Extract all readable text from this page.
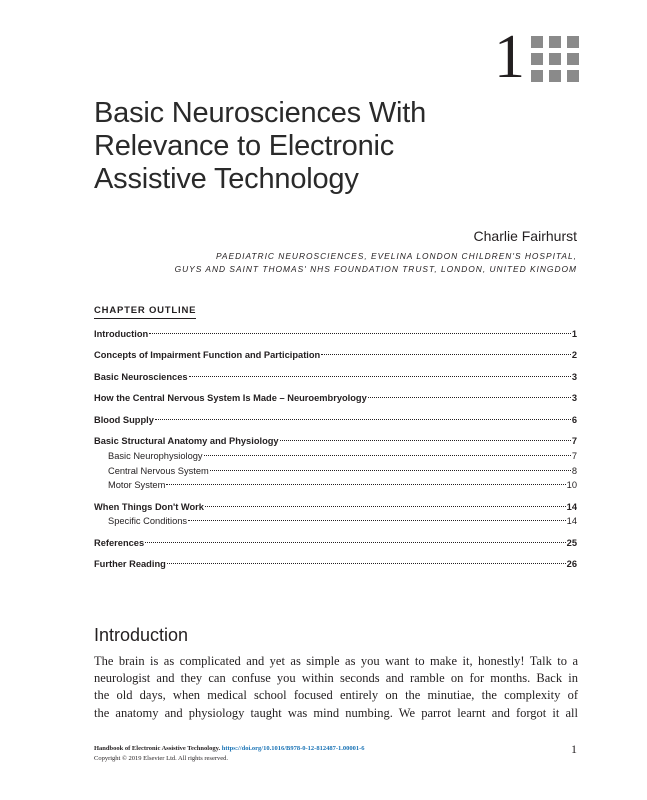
1
Basic Neurosciences With
Relevance to Electronic
Assistive Technology
Charlie Fairhurst
PAEDIATRIC NEUROSCIENCES, EVELINA LONDON CHILDREN'S HOSPITAL,
GUYS AND SAINT THOMAS' NHS FOUNDATION TRUST, LONDON, UNITED KINGDOM
CHAPTER OUTLINE
Introduction	1
Concepts of Impairment Function and Participation	2
Basic Neurosciences	3
How the Central Nervous System Is Made – Neuroembryology	3
Blood Supply	6
Basic Structural Anatomy and Physiology	7
Basic Neurophysiology	7
Central Nervous System	8
Motor System	10
When Things Don't Work	14
Specific Conditions	14
References	25
Further Reading	26
Introduction
The brain is as complicated and yet as simple as you want to make it, honestly! Talk to a
neurologist and they can confuse you within seconds and ramble on for months. Back in
the old days, when medical school focused entirely on the minutiae, the complexity of
the anatomy and physiology taught was mind numbing. We parrot learnt and forgot it all
Handbook of Electronic Assistive Technology. https://doi.org/10.1016/B978-0-12-812487-1.00001-6
Copyright © 2019 Elsevier Ltd. All rights reserved.
1
